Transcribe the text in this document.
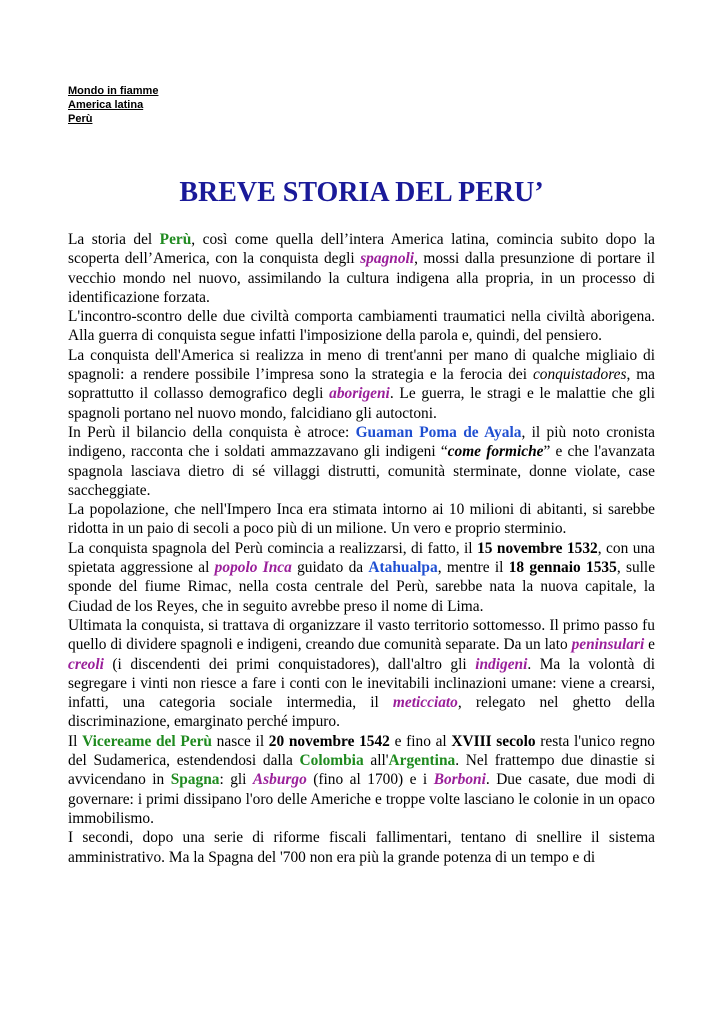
Mondo in fiamme
America latina
Perù
BREVE STORIA DEL PERU’

La storia del Perù, così come quella dell’intera America latina, comincia subito dopo la scoperta dell’America, con la conquista degli spagnoli, mossi dalla presunzione di portare il vecchio mondo nel nuovo, assimilando la cultura indigena alla propria, in un processo di identificazione forzata.

L'incontro-scontro delle due civiltà comporta cambiamenti traumatici nella civiltà aborigena. Alla guerra di conquista segue infatti l'imposizione della parola e, quindi, del pensiero.

La conquista dell'America si realizza in meno di trent'anni per mano di qualche migliaio di spagnoli: a rendere possibile l’impresa sono la strategia e la ferocia dei conquistadores, ma soprattutto il collasso demografico degli aborigeni. Le guerra, le stragi e le malattie che gli spagnoli portano nel nuovo mondo, falcidiano gli autoctoni.

In Perù il bilancio della conquista è atroce: Guaman Poma de Ayala, il più noto cronista indigeno, racconta che i soldati ammazzavano gli indigeni “come formiche” e che l'avanzata spagnola lasciava dietro di sé villaggi distrutti, comunità sterminate, donne violate, case saccheggiate.

La popolazione, che nell'Impero Inca era stimata intorno ai 10 milioni di abitanti, si sarebbe ridotta in un paio di secoli a poco più di un milione. Un vero e proprio sterminio.

La conquista spagnola del Perù comincia a realizzarsi, di fatto, il 15 novembre 1532, con una spietata aggressione al popolo Inca guidato da Atahualpa, mentre il 18 gennaio 1535, sulle sponde del fiume Rimac, nella costa centrale del Perù, sarebbe nata la nuova capitale, la Ciudad de los Reyes, che in seguito avrebbe preso il nome di Lima.

Ultimata la conquista, si trattava di organizzare il vasto territorio sottomesso. Il primo passo fu quello di dividere spagnoli e indigeni, creando due comunità separate. Da un lato peninsulari e creoli (i discendenti dei primi conquistadores), dall'altro gli indigeni. Ma la volontà di segregare i vinti non riesce a fare i conti con le inevitabili inclinazioni umane: viene a crearsi, infatti, una categoria sociale intermedia, il meticciato, relegato nel ghetto della discriminazione, emarginato perché impuro.

Il Vicereame del Perù nasce il 20 novembre 1542 e fino al XVIII secolo resta l'unico regno del Sudamerica, estendendosi dalla Colombia all'Argentina. Nel frattempo due dinastie si avvicendano in Spagna: gli Asburgo (fino al 1700) e i Borboni. Due casate, due modi di governare: i primi dissipano l'oro delle Americhe e troppe volte lasciano le colonie in un opaco immobilismo.

I secondi, dopo una serie di riforme fiscali fallimentari, tentano di snellire il sistema amministrativo. Ma la Spagna del '700 non era più la grande potenza di un tempo e di
